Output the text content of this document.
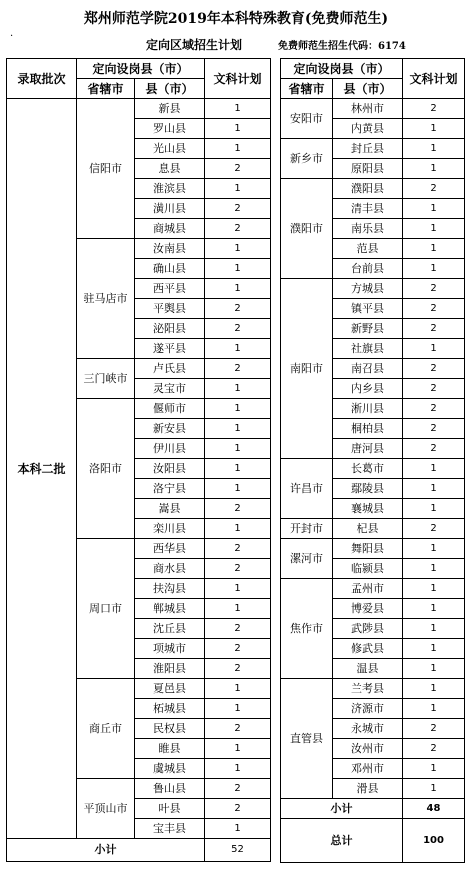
郑州师范学院2019年本科特殊教育(免费师范生)
.
定向区域招生计划	免费师范生招生代码：6174
录取批次	定向设岗县（市）		文科计划
	省辖市	县（市）	
本科二批	信阳市	新县	1
		罗山县	1
		光山县	1
		息县	2
		淮滨县	1
		潢川县	2
		商城县	2
	驻马店市	汝南县	1
		确山县	1
		西平县	1
		平舆县	2
		泌阳县	2
		遂平县	1
	三门峡市	卢氏县	2
		灵宝市	1
	洛阳市	偃师市	1
		新安县	1
		伊川县	1
		汝阳县	1
		洛宁县	1
		嵩县	2
		栾川县	1
	周口市	西华县	2
		商水县	2
		扶沟县	1
		郸城县	1
		沈丘县	2
		项城市	2
		淮阳县	2
	商丘市	夏邑县	1
		柘城县	1
		民权县	2
		睢县	1
		虞城县	1
	平顶山市	鲁山县	2
		叶县	2
		宝丰县	1
小计			52
定向设岗县（市）		文科计划
省辖市	县（市）	
安阳市	林州市	2
	内黄县	1
新乡市	封丘县	1
	原阳县	1
濮阳市	濮阳县	2
	清丰县	1
	南乐县	1
	范县	1
	台前县	1
南阳市	方城县	2
	镇平县	2
	新野县	2
	社旗县	1
	南召县	2
	内乡县	2
	淅川县	2
	桐柏县	2
	唐河县	2
许昌市	长葛市	1
	鄢陵县	1
	襄城县	1
开封市	杞县	2
漯河市	舞阳县	1
	临颍县	1
焦作市	孟州市	1
	博爱县	1
	武陟县	1
	修武县	1
	温县	1
直管县	兰考县	1
	济源市	1
	永城市	2
	汝州市	2
	邓州市	1
	滑县	1
小计		48
总计		100
